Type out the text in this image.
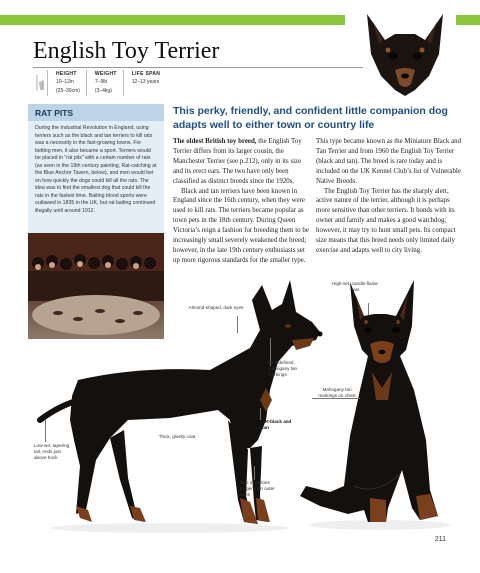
English Toy Terrier
HEIGHT
10–12in
(25–30cm)
WEIGHT
7–9lb
(3–4kg)
LIFE SPAN
12–13 years
RAT PITS

During the Industrial Revolution in England, using terriers such as the black and tan terriers to kill rats was a necessity in the fast-growing towns. For betting men, it also became a sport. Terriers would be placed in "rat pits" with a certain number of rats (as seen in the 19th century painting, Rat-catching at the Blue Anchor Tavern, below), and men would bet on how quickly the dogs could kill all the rats. The idea was to find the smallest dog that could kill the rats in the fastest time. Baiting blood sports were outlawed in 1835 in the UK, but rat baiting continued illegally until around 1912.

This perky, friendly, and confident little companion dog adapts well to either town or country life

The oldest British toy breed, the English Toy Terrier differs from its larger cousin, the Manchester Terrier (see p.212), only in its size and its erect ears. The two have only been classified as distinct breeds since the 1920s.

Black and tan terriers have been known in England since the 16th century, when they were used to kill rats. The terriers became popular as town pets in the 18th century. During Queen Victoria’s reign a fashion for breeding them to be increasingly small severely weakened the breed; however, in the late 19th century enthusiasts set up more rigorous standards for the smaller type.

This type became known as the Miniature Black and Tan Terrier and from 1960 the English Toy Terrier (black and tan). The breed is rare today and is included on the UK Kennel Club’s list of Vulnerable Native Breeds.

The English Toy Terrier has the sharply alert, active nature of the terrier, although it is perhaps more sensitive than other terriers. It bonds with its owner and family and makes a good watchdog; however, it may try to hunt small pets. Its compact size means that this breed needs only limited daily exercise and adapts well to city living.

High-set, candle-flame ears

Almond-shaped, dark eyes

Well-defined, mahogany tan markings

Mahogany tan markings on chest

Jet-black and tan

Thick, glossy coat

Low-set, tapering tail, ends just above hock

Two inner toes longer than outer ones

211
